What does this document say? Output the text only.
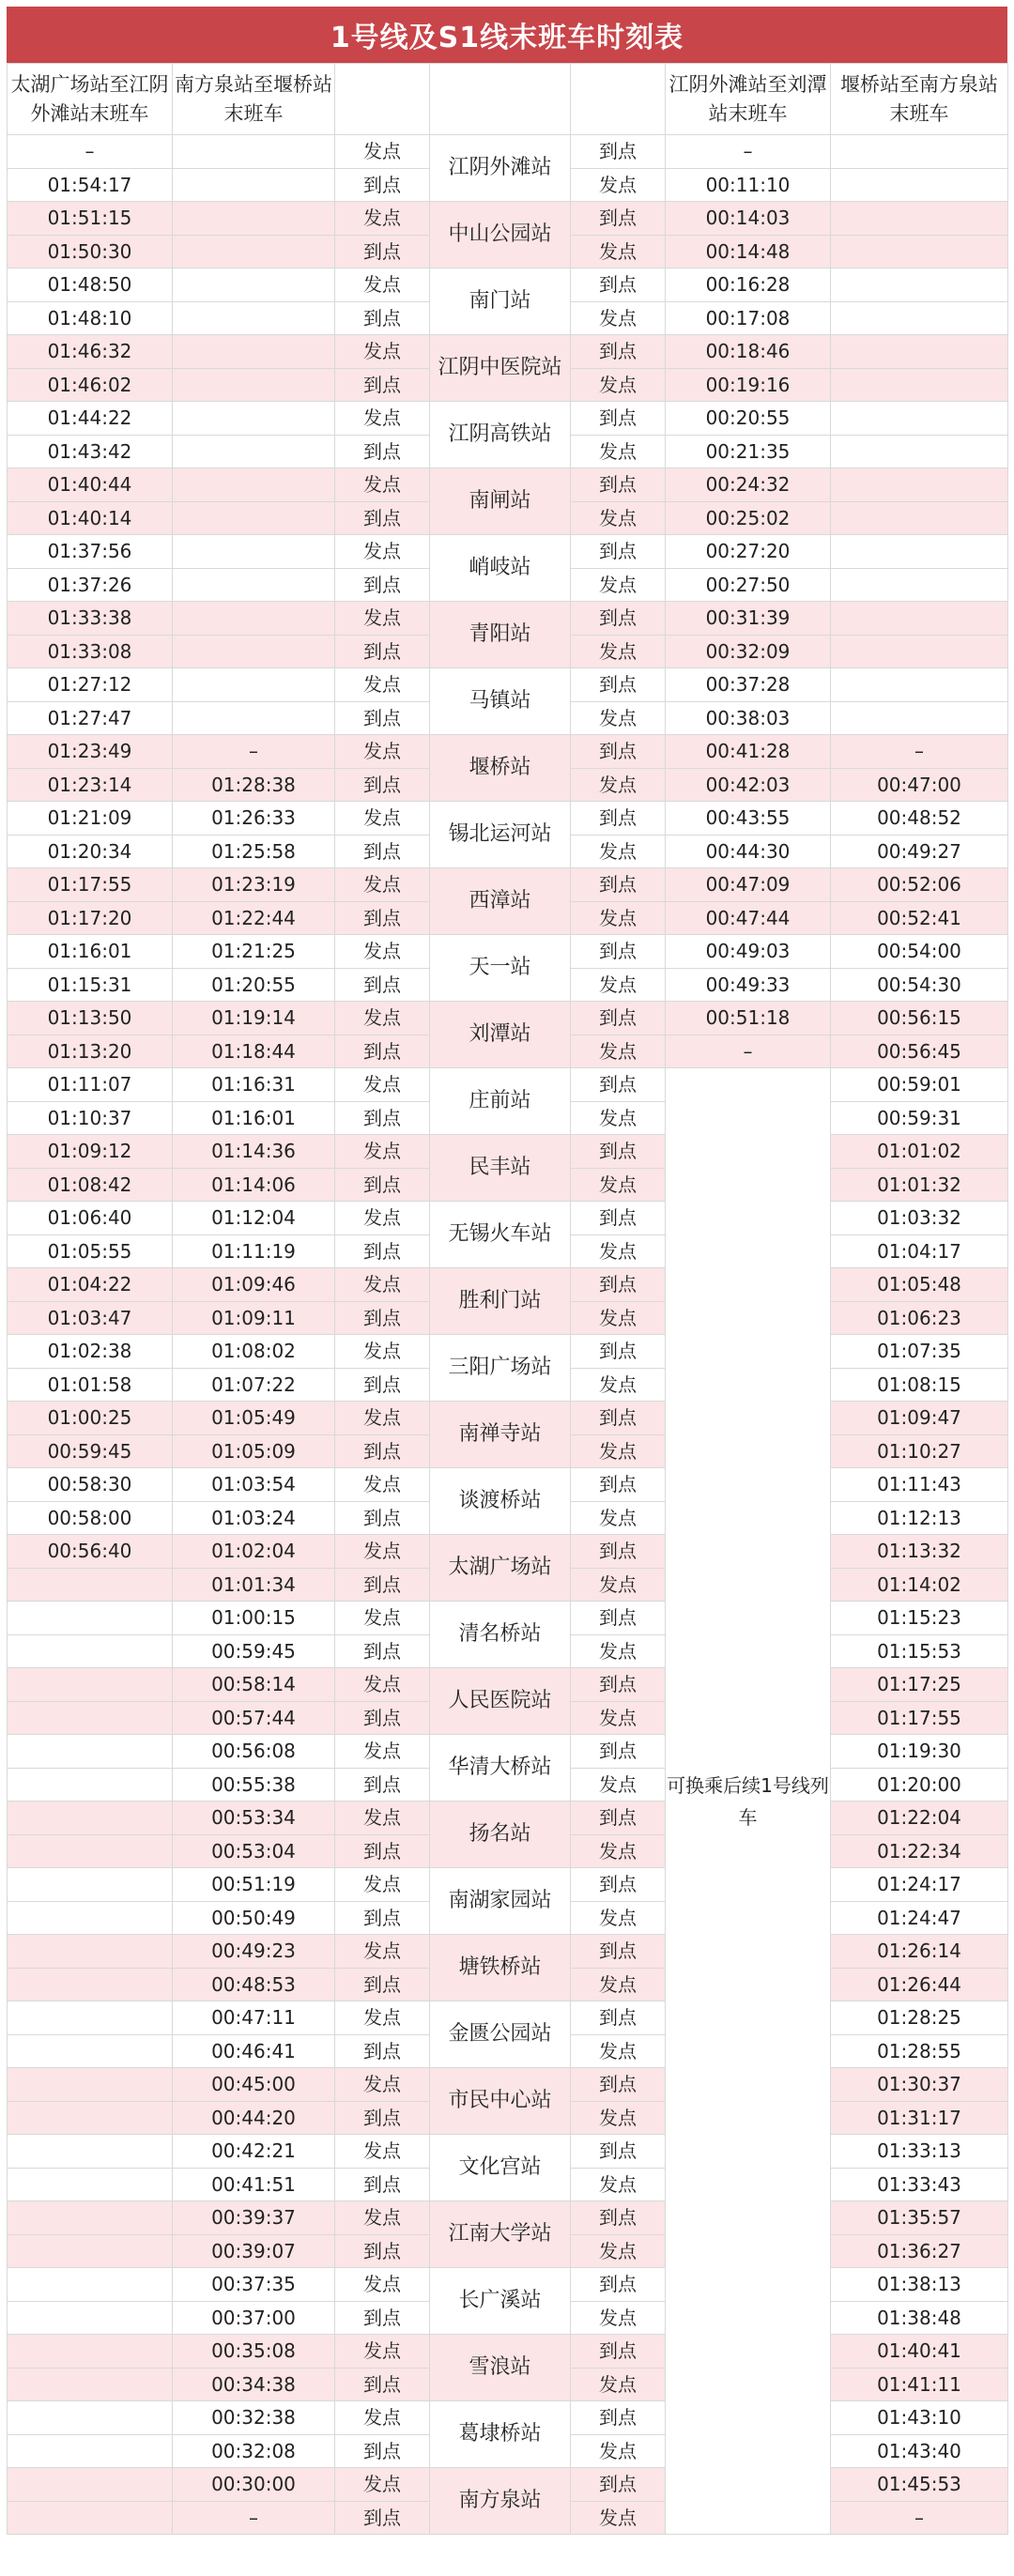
1号线及S1线末班车时刻表
太湖广场站至江阴外滩站末班车	南方泉站至堰桥站末班车				江阴外滩站至刘潭站末班车	堰桥站至南方泉站末班车
–		发点	江阴外滩站	到点	–	
01:54:17		到点		发点	00:11:10	
01:51:15		发点	中山公园站	到点	00:14:03	
01:50:30		到点		发点	00:14:48	
01:48:50		发点	南门站	到点	00:16:28	
01:48:10		到点		发点	00:17:08	
01:46:32		发点	江阴中医院站	到点	00:18:46	
01:46:02		到点		发点	00:19:16	
01:44:22		发点	江阴高铁站	到点	00:20:55	
01:43:42		到点		发点	00:21:35	
01:40:44		发点	南闸站	到点	00:24:32	
01:40:14		到点		发点	00:25:02	
01:37:56		发点	峭岐站	到点	00:27:20	
01:37:26		到点		发点	00:27:50	
01:33:38		发点	青阳站	到点	00:31:39	
01:33:08		到点		发点	00:32:09	
01:27:12		发点	马镇站	到点	00:37:28	
01:27:47		到点		发点	00:38:03	
01:23:49	–	发点	堰桥站	到点	00:41:28	–
01:23:14	01:28:38	到点		发点	00:42:03	00:47:00
01:21:09	01:26:33	发点	锡北运河站	到点	00:43:55	00:48:52
01:20:34	01:25:58	到点		发点	00:44:30	00:49:27
01:17:55	01:23:19	发点	西漳站	到点	00:47:09	00:52:06
01:17:20	01:22:44	到点		发点	00:47:44	00:52:41
01:16:01	01:21:25	发点	天一站	到点	00:49:03	00:54:00
01:15:31	01:20:55	到点		发点	00:49:33	00:54:30
01:13:50	01:19:14	发点	刘潭站	到点	00:51:18	00:56:15
01:13:20	01:18:44	到点		发点	–	00:56:45
01:11:07	01:16:31	发点	庄前站	到点	可换乘后续1号线列车	00:59:01
01:10:37	01:16:01	到点		发点		00:59:31
01:09:12	01:14:36	发点	民丰站	到点		01:01:02
01:08:42	01:14:06	到点		发点		01:01:32
01:06:40	01:12:04	发点	无锡火车站	到点		01:03:32
01:05:55	01:11:19	到点		发点		01:04:17
01:04:22	01:09:46	发点	胜利门站	到点		01:05:48
01:03:47	01:09:11	到点		发点		01:06:23
01:02:38	01:08:02	发点	三阳广场站	到点		01:07:35
01:01:58	01:07:22	到点		发点		01:08:15
01:00:25	01:05:49	发点	南禅寺站	到点		01:09:47
00:59:45	01:05:09	到点		发点		01:10:27
00:58:30	01:03:54	发点	谈渡桥站	到点		01:11:43
00:58:00	01:03:24	到点		发点		01:12:13
00:56:40	01:02:04	发点	太湖广场站	到点		01:13:32
	01:01:34	到点		发点		01:14:02
	01:00:15	发点	清名桥站	到点		01:15:23
	00:59:45	到点		发点		01:15:53
	00:58:14	发点	人民医院站	到点		01:17:25
	00:57:44	到点		发点		01:17:55
	00:56:08	发点	华清大桥站	到点		01:19:30
	00:55:38	到点		发点		01:20:00
	00:53:34	发点	扬名站	到点		01:22:04
	00:53:04	到点		发点		01:22:34
	00:51:19	发点	南湖家园站	到点		01:24:17
	00:50:49	到点		发点		01:24:47
	00:49:23	发点	塘铁桥站	到点		01:26:14
	00:48:53	到点		发点		01:26:44
	00:47:11	发点	金匮公园站	到点		01:28:25
	00:46:41	到点		发点		01:28:55
	00:45:00	发点	市民中心站	到点		01:30:37
	00:44:20	到点		发点		01:31:17
	00:42:21	发点	文化宫站	到点		01:33:13
	00:41:51	到点		发点		01:33:43
	00:39:37	发点	江南大学站	到点		01:35:57
	00:39:07	到点		发点		01:36:27
	00:37:35	发点	长广溪站	到点		01:38:13
	00:37:00	到点		发点		01:38:48
	00:35:08	发点	雪浪站	到点		01:40:41
	00:34:38	到点		发点		01:41:11
	00:32:38	发点	葛埭桥站	到点		01:43:10
	00:32:08	到点		发点		01:43:40
	00:30:00	发点	南方泉站	到点		01:45:53
	–	到点		发点		–
